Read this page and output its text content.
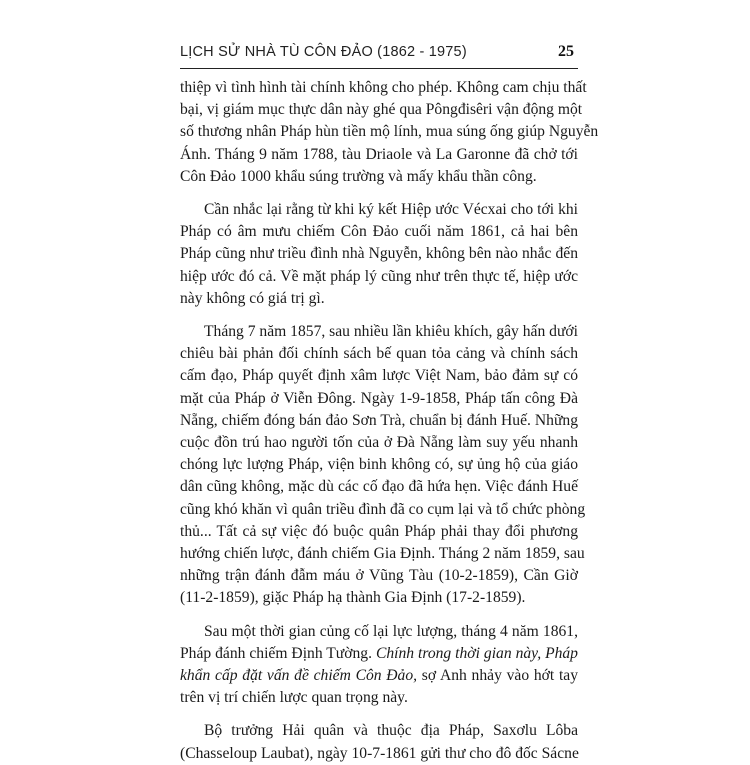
LỊCH SỬ NHÀ TÙ CÔN ĐẢO (1862 - 1975)	25

thiệp vì tình hình tài chính không cho phép. Không cam chịu thất
bại, vị giám mục thực dân này ghé qua Pôngđisêri vận động một
số thương nhân Pháp hùn tiền mộ lính, mua súng ống giúp Nguyễn
Ánh. Tháng 9 năm 1788, tàu Driaole và La Garonne đã chở tới
Côn Đảo 1000 khẩu súng trường và mấy khẩu thần công.

Cần nhắc lại rằng từ khi ký kết Hiệp ước Vécxai cho tới khi
Pháp có âm mưu chiếm Côn Đảo cuối năm 1861, cả hai bên
Pháp cũng như triều đình nhà Nguyễn, không bên nào nhắc đến
hiệp ước đó cả. Về mặt pháp lý cũng như trên thực tế, hiệp ước
này không có giá trị gì.

Tháng 7 năm 1857, sau nhiều lần khiêu khích, gây hấn dưới
chiêu bài phản đối chính sách bế quan tỏa cảng và chính sách
cấm đạo, Pháp quyết định xâm lược Việt Nam, bảo đảm sự có
mặt của Pháp ở Viễn Đông. Ngày 1-9-1858, Pháp tấn công Đà
Nẵng, chiếm đóng bán đảo Sơn Trà, chuẩn bị đánh Huế. Những
cuộc đồn trú hao người tốn của ở Đà Nẵng làm suy yếu nhanh
chóng lực lượng Pháp, viện binh không có, sự ủng hộ của giáo
dân cũng không, mặc dù các cố đạo đã hứa hẹn. Việc đánh Huế
cũng khó khăn vì quân triều đình đã co cụm lại và tổ chức phòng
thủ... Tất cả sự việc đó buộc quân Pháp phải thay đổi phương
hướng chiến lược, đánh chiếm Gia Định. Tháng 2 năm 1859, sau
những trận đánh đẫm máu ở Vũng Tàu (10-2-1859), Cần Giờ
(11-2-1859), giặc Pháp hạ thành Gia Định (17-2-1859).

Sau một thời gian củng cố lại lực lượng, tháng 4 năm 1861,
Pháp đánh chiếm Định Tường. Chính trong thời gian này, Pháp
khẩn cấp đặt vấn đề chiếm Côn Đảo, sợ Anh nhảy vào hớt tay
trên vị trí chiến lược quan trọng này.

Bộ trưởng Hải quân và thuộc địa Pháp, Saxơlu Lôba
(Chasseloup Laubat), ngày 10-7-1861 gửi thư cho đô đốc Sácne
